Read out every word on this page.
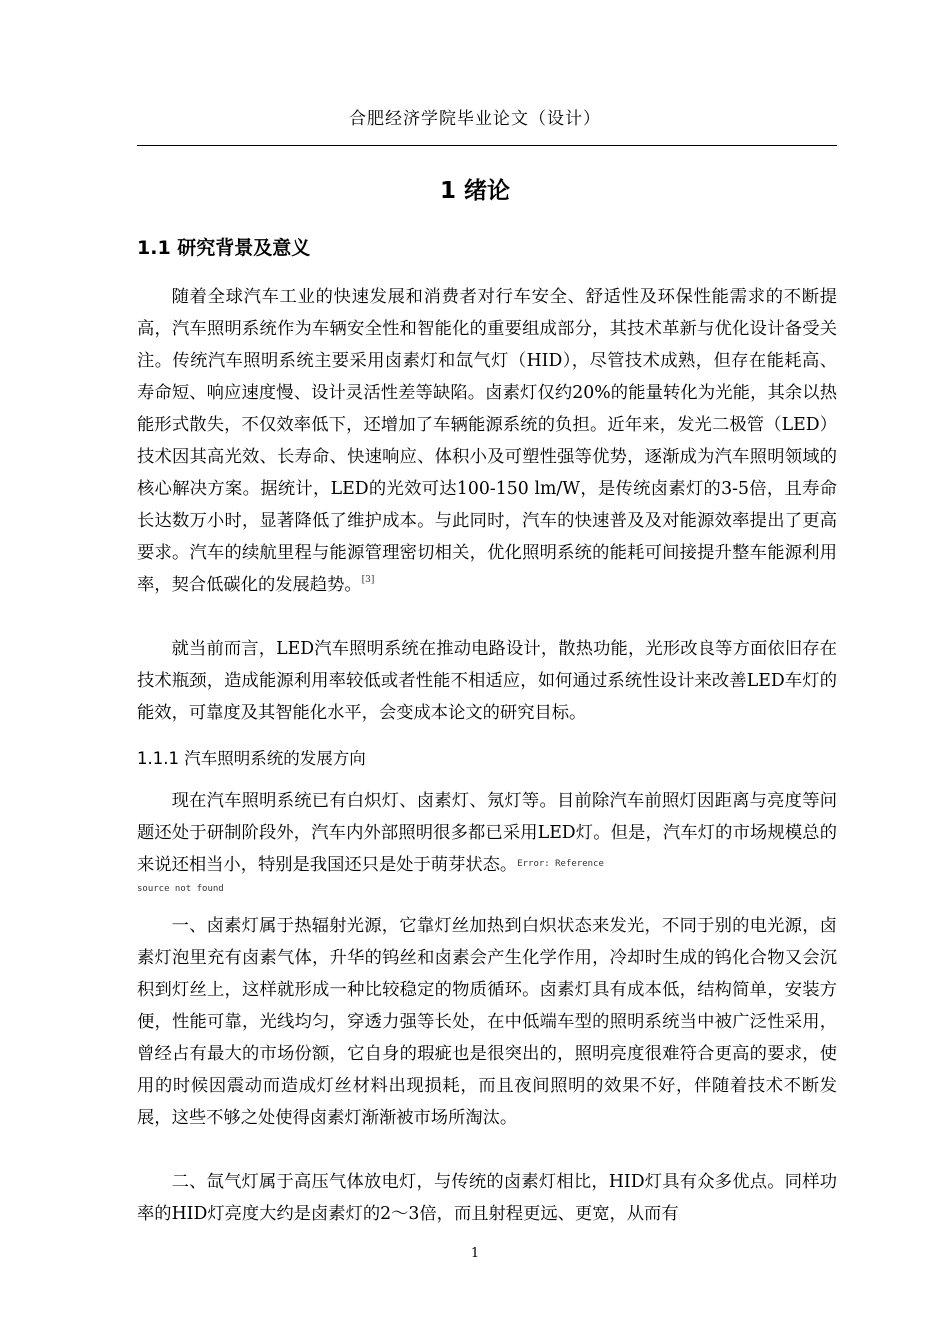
合肥经济学院毕业论文（设计）
1 绪论
1.1 研究背景及意义

随着全球汽车工业的快速发展和消费者对行车安全、舒适性及环保性能需求的不断提高，汽车照明系统作为车辆安全性和智能化的重要组成部分，其技术革新与优化设计备受关注。传统汽车照明系统主要采用卤素灯和氙气灯（HID），尽管技术成熟，但存在能耗高、寿命短、响应速度慢、设计灵活性差等缺陷。卤素灯仅约20%的能量转化为光能，其余以热能形式散失，不仅效率低下，还增加了车辆能源系统的负担。近年来，发光二极管（LED）技术因其高光效、长寿命、快速响应、体积小及可塑性强等优势，逐渐成为汽车照明领域的核心解决方案。据统计，LED的光效可达100-150 lm/W，是传统卤素灯的3-5倍，且寿命长达数万小时，显著降低了维护成本。与此同时，汽车的快速普及及对能源效率提出了更高要求。汽车的续航里程与能源管理密切相关，优化照明系统的能耗可间接提升整车能源利用率，契合低碳化的发展趋势。[3]

就当前而言，LED汽车照明系统在推动电路设计，散热功能，光形改良等方面依旧存在技术瓶颈，造成能源利用率较低或者性能不相适应，如何通过系统性设计来改善LED车灯的能效，可靠度及其智能化水平，会变成本论文的研究目标。

1.1.1 汽车照明系统的发展方向

现在汽车照明系统已有白炽灯、卤素灯、氖灯等。目前除汽车前照灯因距离与亮度等问题还处于研制阶段外，汽车内外部照明很多都已采用LED灯。但是，汽车灯的市场规模总的来说还相当小，特别是我国还只是处于萌芽状态。$^{Error: Reference}$

source not found

一、卤素灯属于热辐射光源，它靠灯丝加热到白炽状态来发光，不同于别的电光源，卤素灯泡里充有卤素气体，升华的钨丝和卤素会产生化学作用，冷却时生成的钨化合物又会沉积到灯丝上，这样就形成一种比较稳定的物质循环。卤素灯具有成本低，结构简单，安装方便，性能可靠，光线均匀，穿透力强等长处，在中低端车型的照明系统当中被广泛性采用，曾经占有最大的市场份额，它自身的瑕疵也是很突出的，照明亮度很难符合更高的要求，使用的时候因震动而造成灯丝材料出现损耗，而且夜间照明的效果不好，伴随着技术不断发展，这些不够之处使得卤素灯渐渐被市场所淘汰。

二、氙气灯属于高压气体放电灯，与传统的卤素灯相比，HID灯具有众多优点。同样功率的HID灯亮度大约是卤素灯的2～3倍，而且射程更远、更宽，从而有

1
